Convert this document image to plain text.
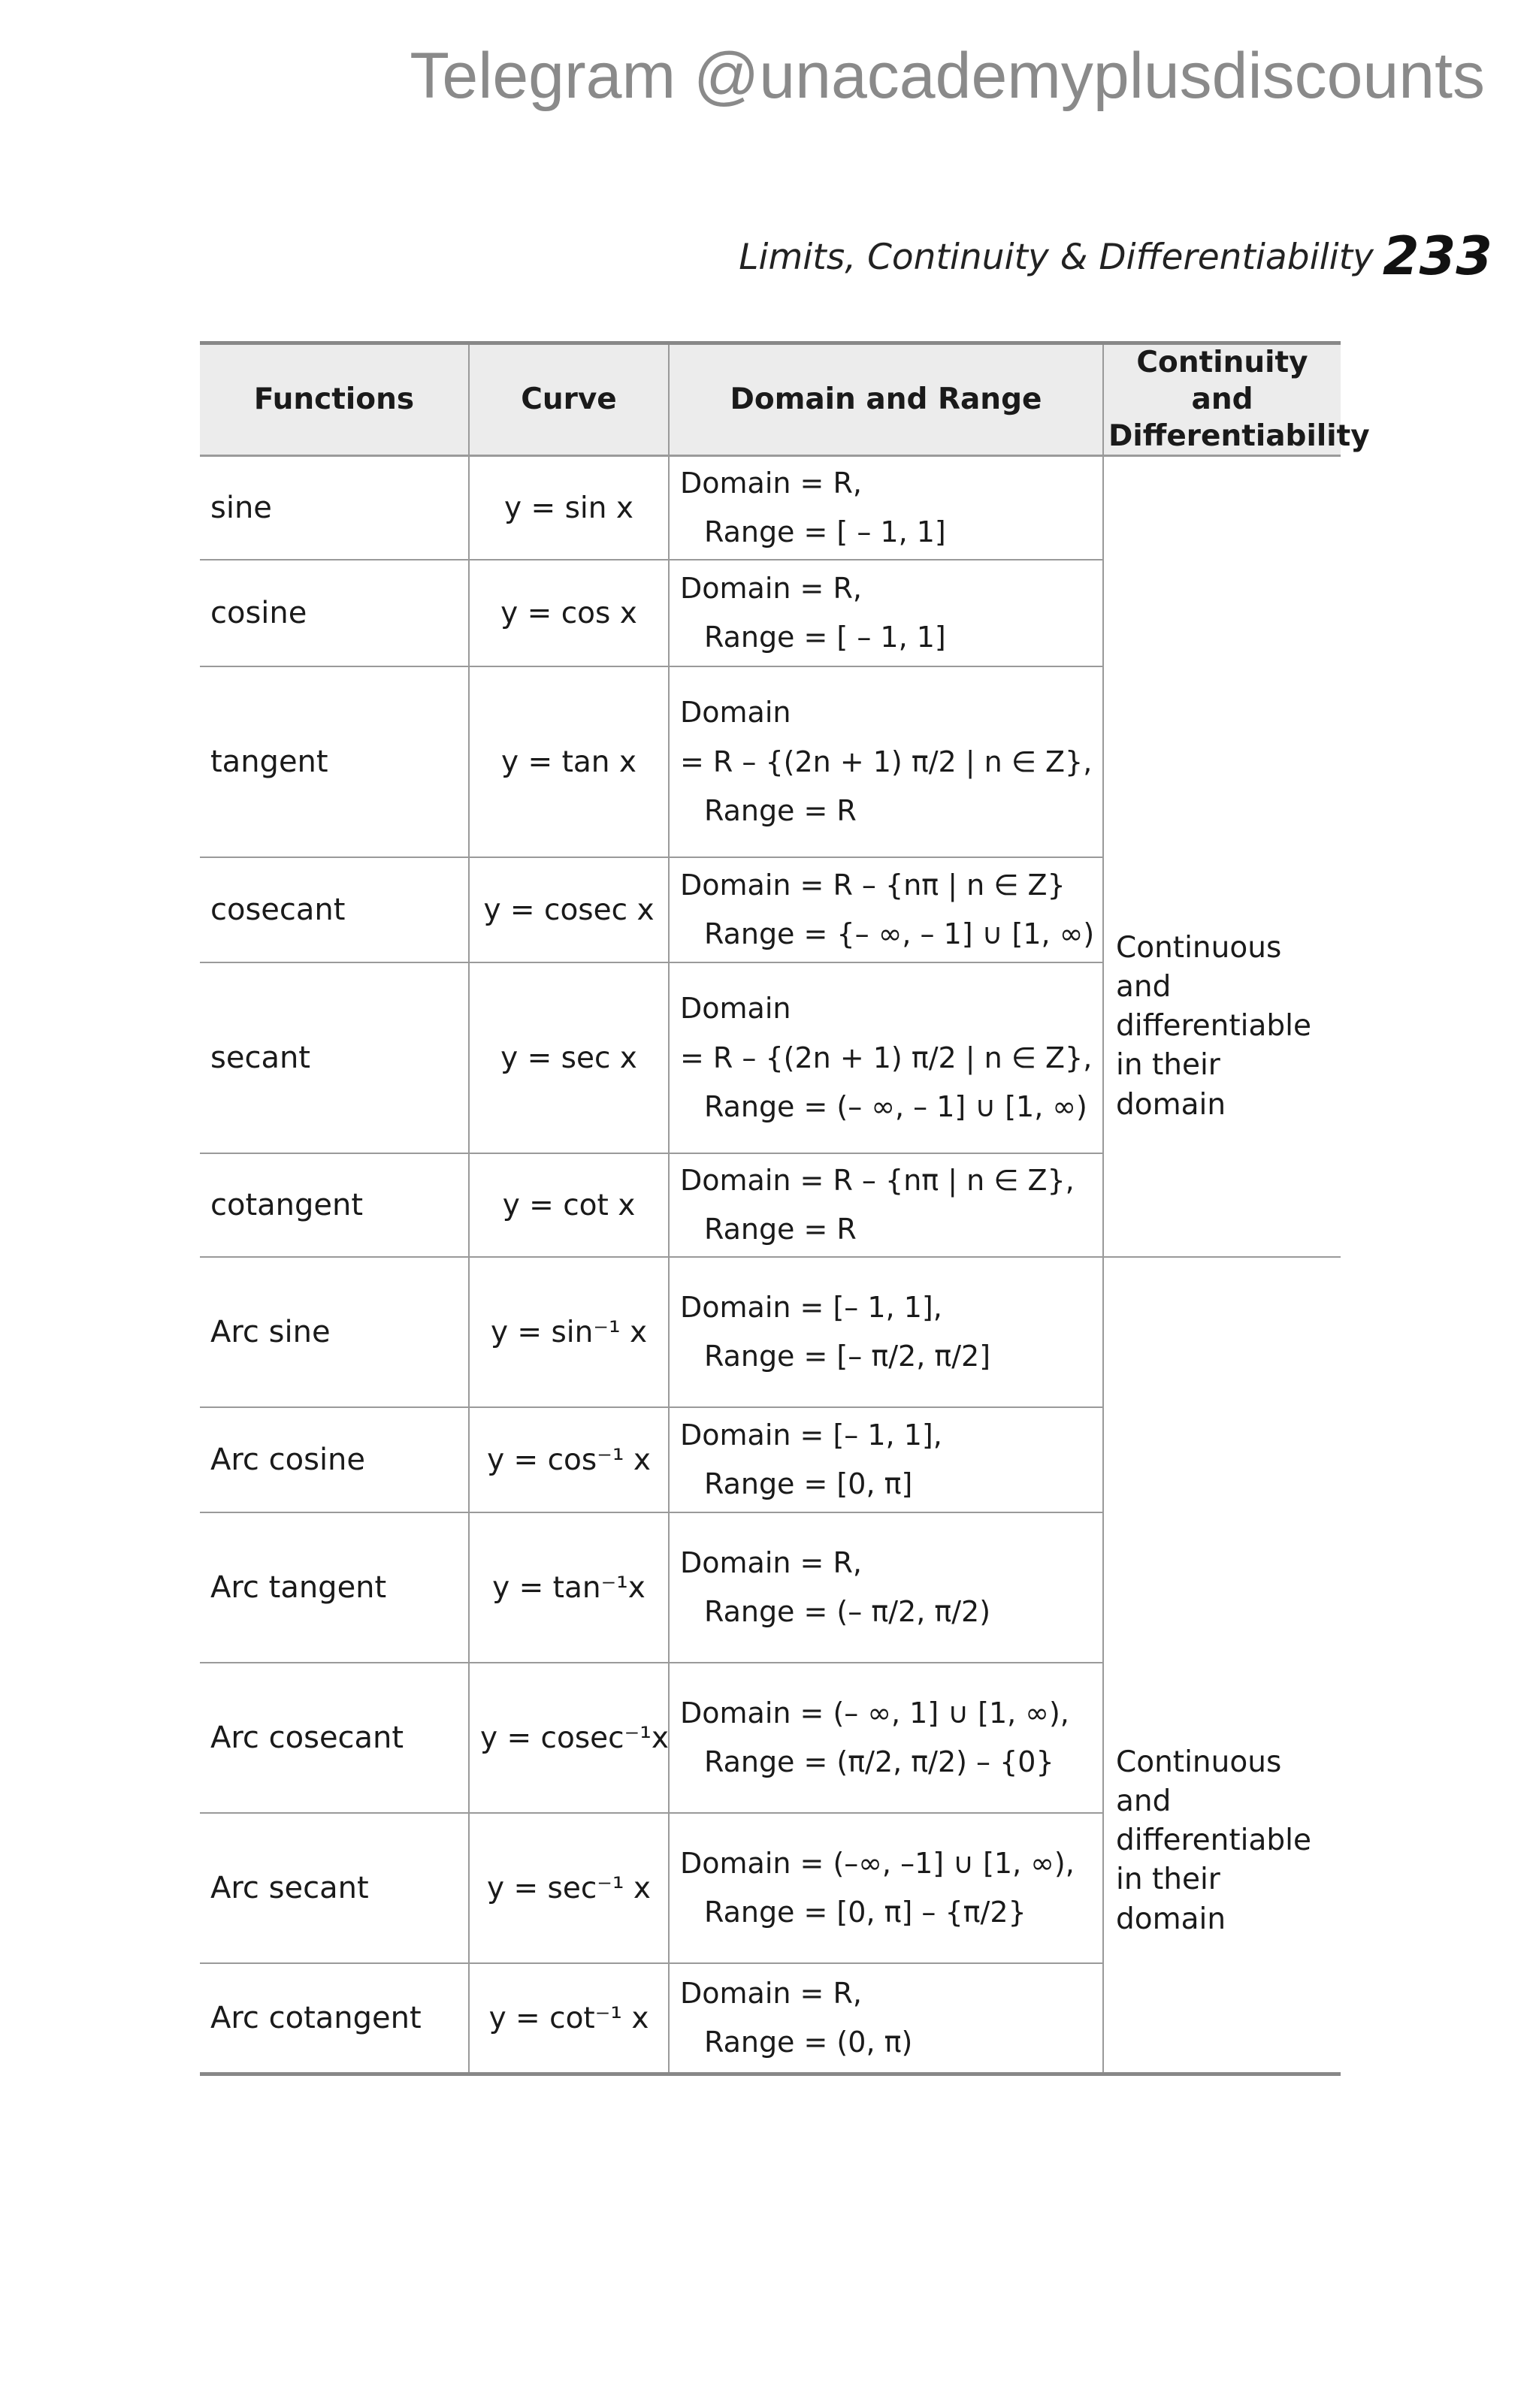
Telegram @unacademyplusdiscounts
Limits, Continuity & Differentiability 233
Functions	Curve	Domain and Range	Continuity and Differentiability
sine	y = sin x	Domain = R,
Range = [ – 1, 1]	Continuous and differentiable in their domain

cosine	y = cos x	Domain = R,
Range = [ – 1, 1]	

tangent	y = tan x	Domain
= R – {(2n + 1) π/2 | n ∈ Z},
Range = R	

cosecant	y = cosec x	Domain = R – {nπ | n ∈ Z}
Range = {– ∞, – 1] ∪ [1, ∞)	

secant	y = sec x	Domain
= R – {(2n + 1) π/2 | n ∈ Z},
Range = (– ∞, – 1] ∪ [1, ∞)	

cotangent	y = cot x	Domain = R – {nπ | n ∈ Z},
Range = R	

Arc sine	y = sin⁻¹ x	Domain = [– 1, 1],
Range = [– π/2, π/2]	Continuous and differentiable in their domain

Arc cosine	y = cos⁻¹ x	Domain = [– 1, 1],
Range = [0, π]	

Arc tangent	y = tan⁻¹x	Domain = R,
Range = (– π/2, π/2)	

Arc cosecant	y = cosec⁻¹x	Domain = (– ∞, 1] ∪ [1, ∞),
Range = (π/2, π/2) – {0}	

Arc secant	y = sec⁻¹ x	Domain = (–∞, –1] ∪ [1, ∞),
Range = [0, π] – {π/2}	

Arc cotangent	y = cot⁻¹ x	Domain = R,
Range = (0, π)	
